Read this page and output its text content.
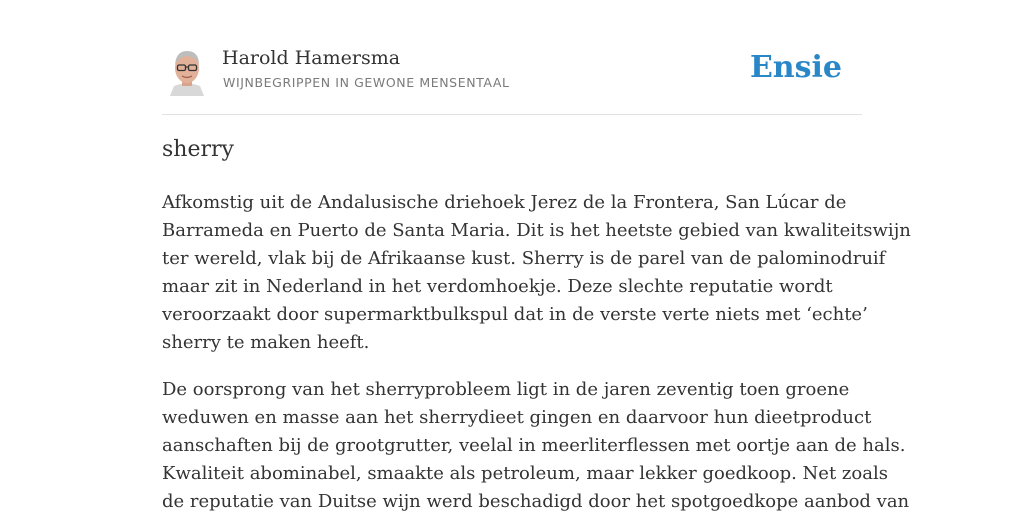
Harold Hamersma
WIJNBEGRIPPEN IN GEWONE MENSENTAAL	Ensie
sherry

Afkomstig uit de Andalusische driehoek Jerez de la Frontera, San Lúcar de
Barrameda en Puerto de Santa Maria. Dit is het heetste gebied van kwaliteitswijn
ter wereld, vlak bij de Afrikaanse kust. Sherry is de parel van de palominodruif
maar zit in Nederland in het verdomhoekje. Deze slechte reputatie wordt
veroorzaakt door supermarktbulkspul dat in de verste verte niets met ‘echte’
sherry te maken heeft.

De oorsprong van het sherryprobleem ligt in de jaren zeventig toen groene
weduwen en masse aan het sherrydieet gingen en daarvoor hun dieetproduct
aanschaften bij de grootgrutter, veelal in meerliterflessen met oortje aan de hals.
Kwaliteit abominabel, smaakte als petroleum, maar lekker goedkoop. Net zoals
de reputatie van Duitse wijn werd beschadigd door het spotgoedkope aanbod van
